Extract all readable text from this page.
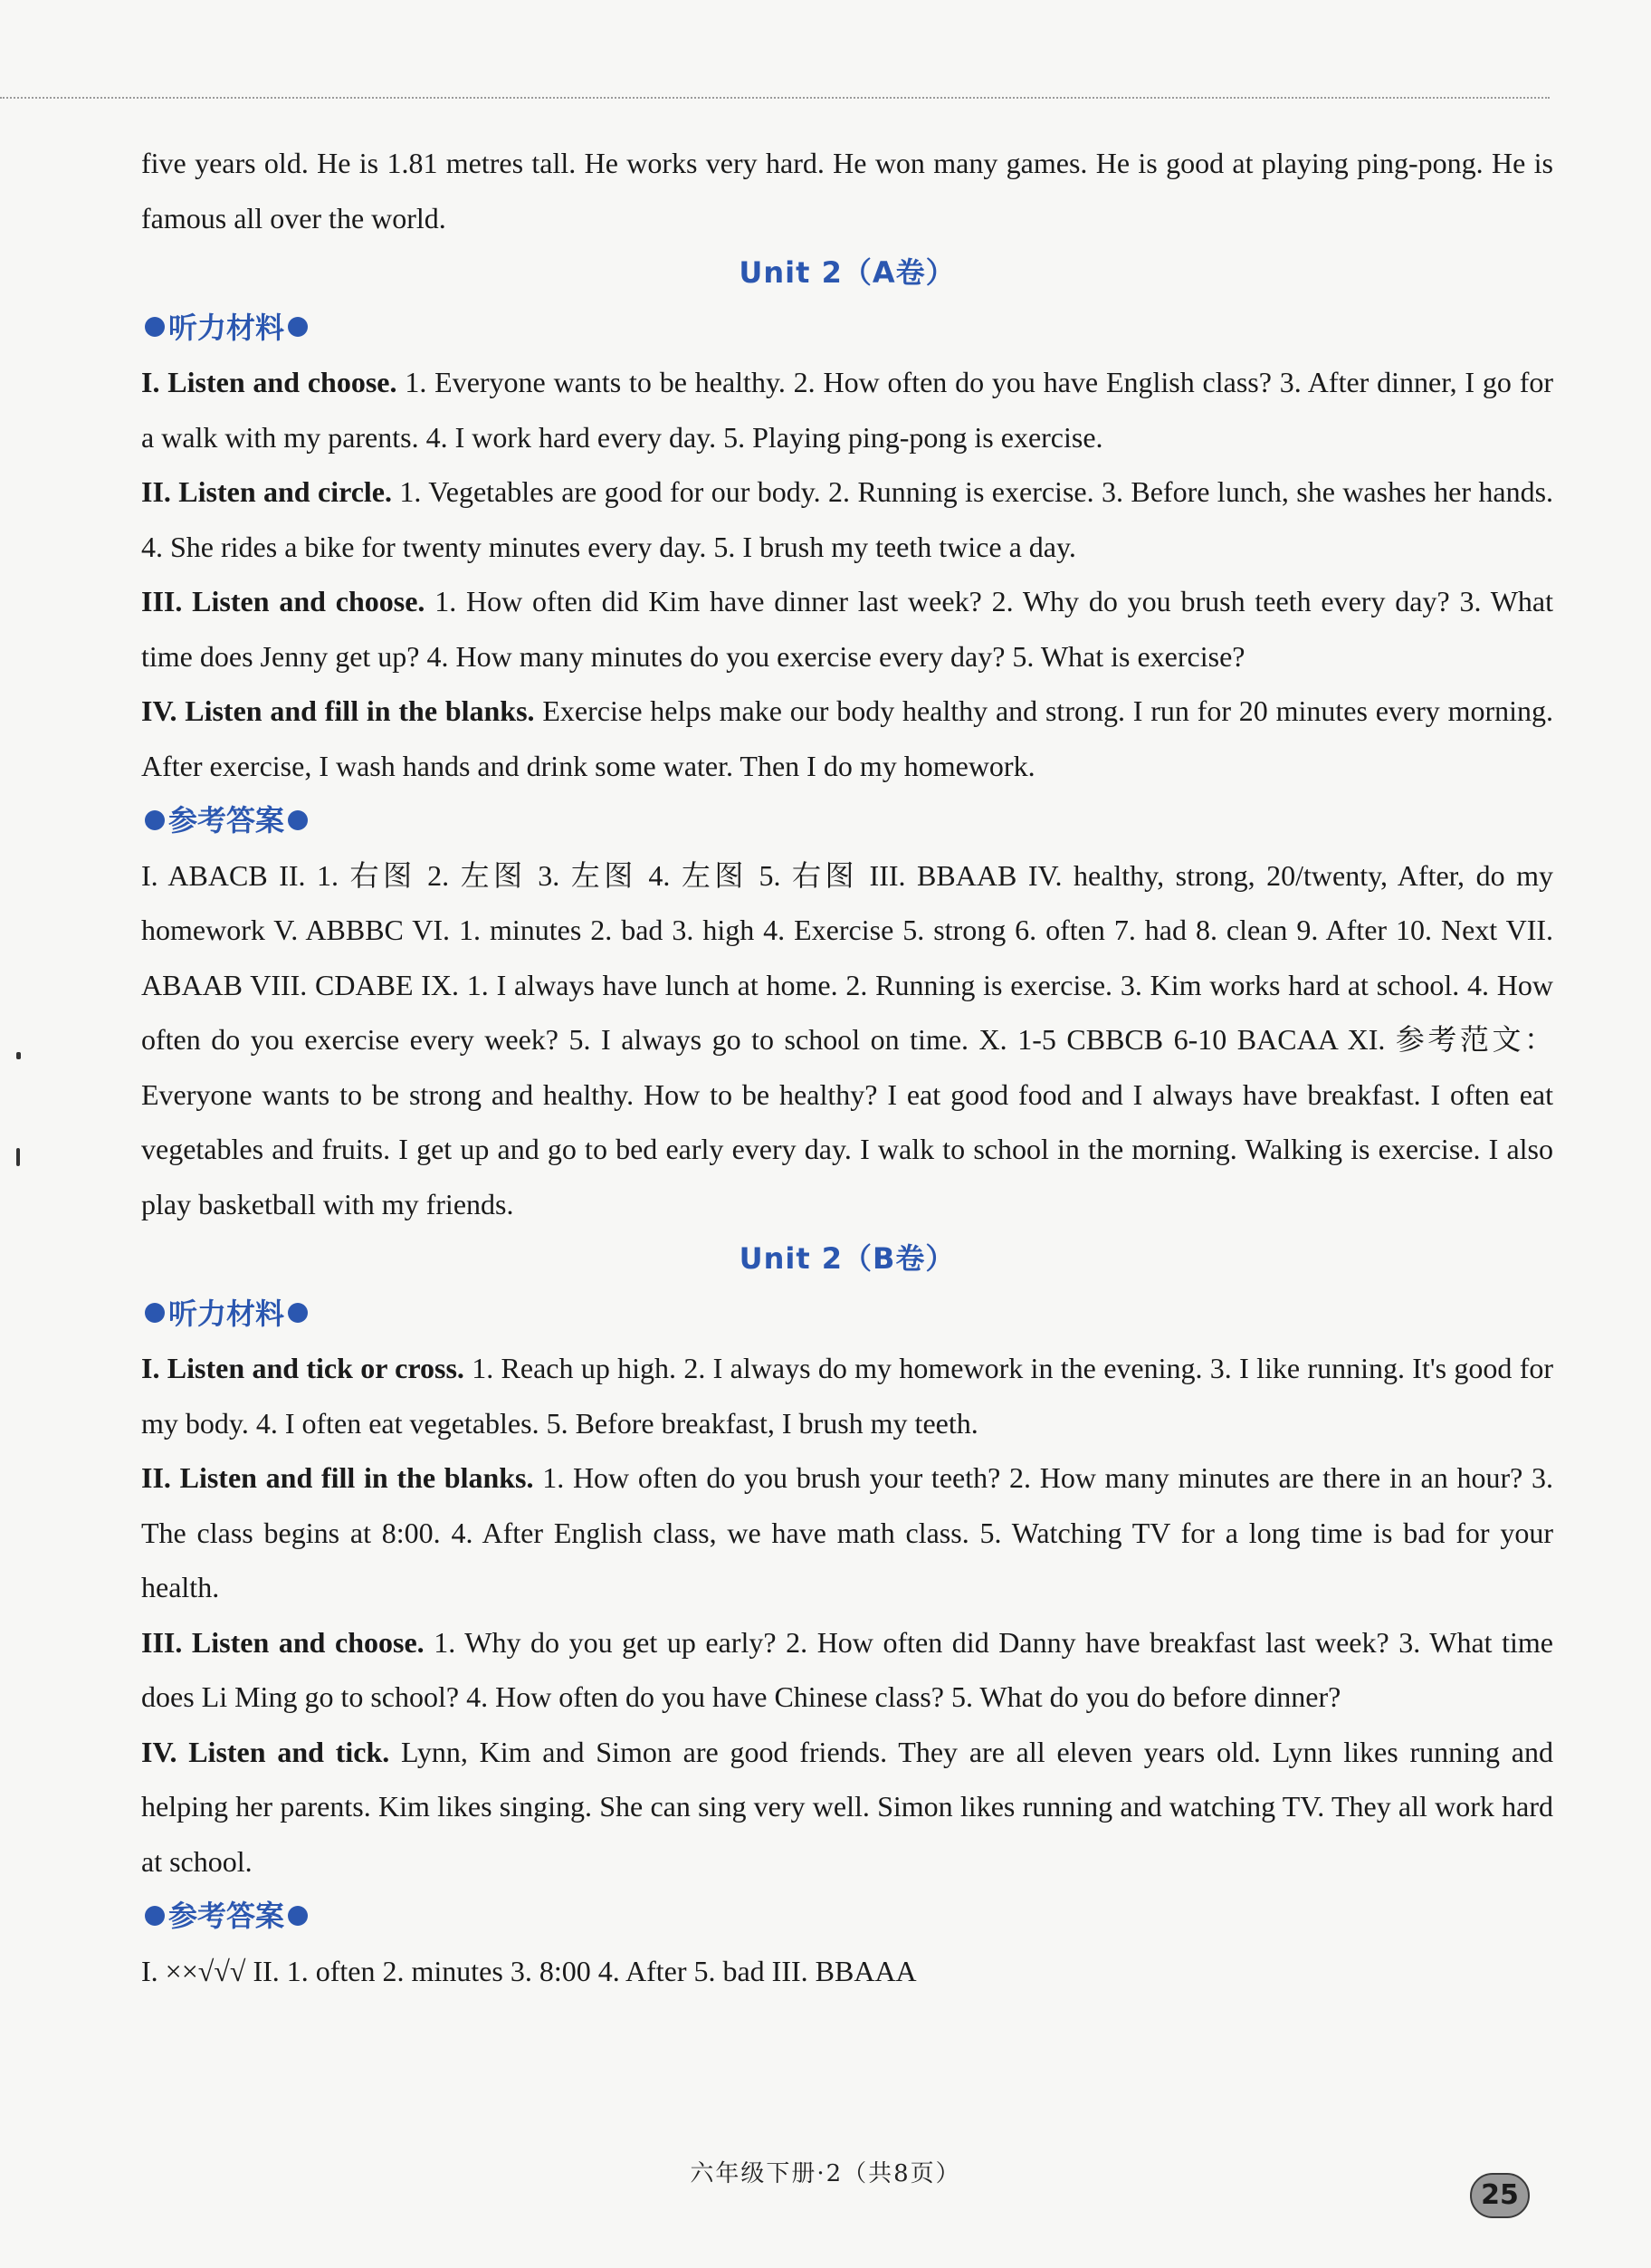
five years old. He is 1.81 metres tall. He works very hard. He won many games. He is good at playing ping-pong. He is famous all over the world.

Unit 2（A卷）
听力材料

I. Listen and choose. 1. Everyone wants to be healthy. 2. How often do you have English class? 3. After dinner, I go for a walk with my parents. 4. I work hard every day. 5. Playing ping-pong is exercise.

II. Listen and circle. 1. Vegetables are good for our body. 2. Running is exercise. 3. Before lunch, she washes her hands. 4. She rides a bike for twenty minutes every day. 5. I brush my teeth twice a day.

III. Listen and choose. 1. How often did Kim have dinner last week? 2. Why do you brush teeth every day? 3. What time does Jenny get up? 4. How many minutes do you exercise every day? 5. What is exercise?

IV. Listen and fill in the blanks. Exercise helps make our body healthy and strong. I run for 20 minutes every morning. After exercise, I wash hands and drink some water. Then I do my homework.

参考答案

I. ABACB II. 1. 右图 2. 左图 3. 左图 4. 左图 5. 右图 III. BBAAB IV. healthy, strong, 20/twenty, After, do my homework V. ABBBC VI. 1. minutes 2. bad 3. high 4. Exercise 5. strong 6. often 7. had 8. clean 9. After 10. Next VII. ABAAB VIII. CDABE IX. 1. I always have lunch at home. 2. Running is exercise. 3. Kim works hard at school. 4. How often do you exercise every week? 5. I always go to school on time. X. 1-5 CBBCB 6-10 BACAA XI. 参考范文：Everyone wants to be strong and healthy. How to be healthy? I eat good food and I always have breakfast. I often eat vegetables and fruits. I get up and go to bed early every day. I walk to school in the morning. Walking is exercise. I also play basketball with my friends.

Unit 2（B卷）
听力材料

I. Listen and tick or cross. 1. Reach up high. 2. I always do my homework in the evening. 3. I like running. It's good for my body. 4. I often eat vegetables. 5. Before breakfast, I brush my teeth.

II. Listen and fill in the blanks. 1. How often do you brush your teeth? 2. How many minutes are there in an hour? 3. The class begins at 8:00. 4. After English class, we have math class. 5. Watching TV for a long time is bad for your health.

III. Listen and choose. 1. Why do you get up early? 2. How often did Danny have breakfast last week? 3. What time does Li Ming go to school? 4. How often do you have Chinese class? 5. What do you do before dinner?

IV. Listen and tick. Lynn, Kim and Simon are good friends. They are all eleven years old. Lynn likes running and helping her parents. Kim likes singing. She can sing very well. Simon likes running and watching TV. They all work hard at school.

参考答案

I. ××√√√ II. 1. often 2. minutes 3. 8:00 4. After 5. bad III. BBAAA

六年级下册·2（共8页）
25
